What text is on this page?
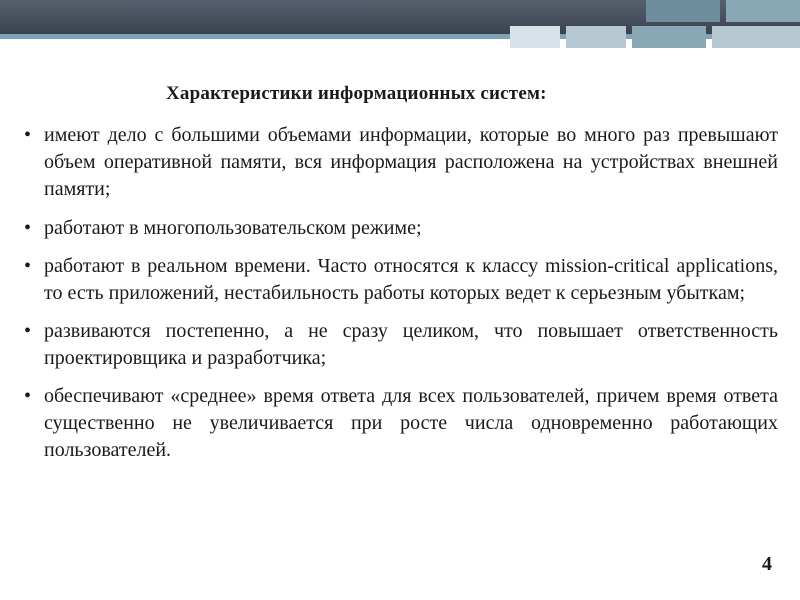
Характеристики информационных систем:
• имеют дело с большими объемами информации, которые во много раз превышают объем оперативной памяти, вся информация расположена на устройствах внешней памяти;
• работают в многопользовательском режиме;
• работают в реальном времени. Часто относятся к классу mission-critical applications, то есть приложений, нестабильность работы которых ведет к серьезным убыткам;
• развиваются постепенно, а не сразу целиком, что повышает ответственность проектировщика и разработчика;
• обеспечивают «среднее» время ответа для всех пользователей, причем время ответа существенно не увеличивается при росте числа одновременно работающих пользователей.
4
